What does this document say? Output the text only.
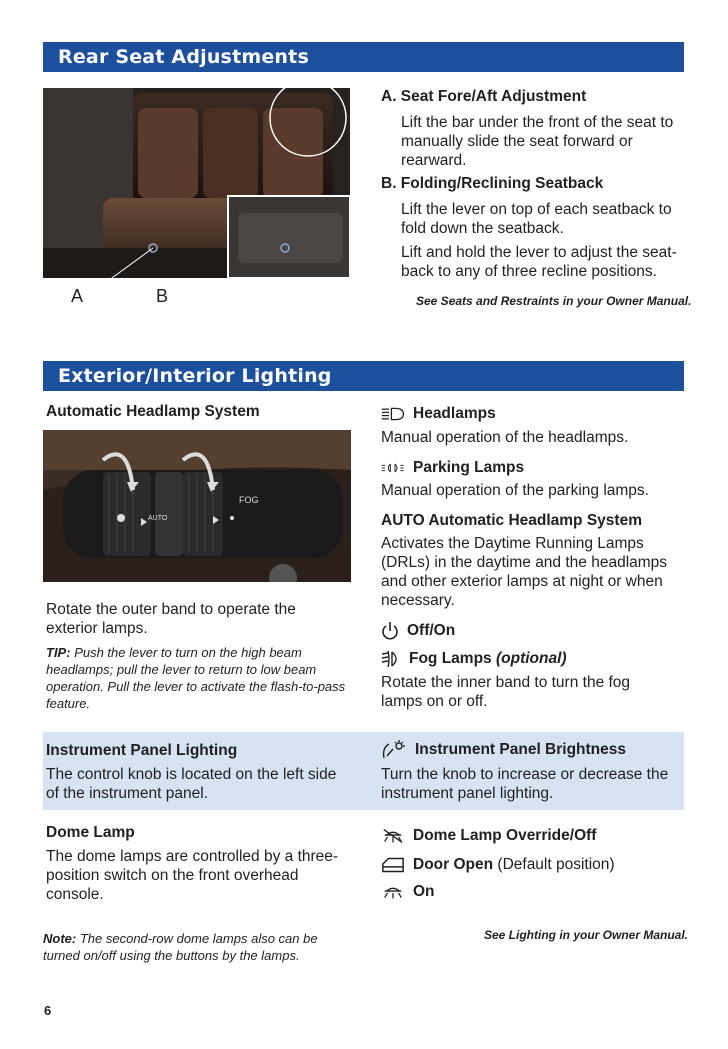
Rear Seat Adjustments
A	B
A. Seat Fore/Aft Adjustment
Lift the bar under the front of the seat to manually slide the seat forward or rearward.
B. Folding/Reclining Seatback
Lift the lever on top of each seatback to fold down the seatback.
Lift and hold the lever to adjust the seat-back to any of three recline positions.
See Seats and Restraints in your Owner Manual.
Exterior/Interior Lighting
Automatic Headlamp System
AUTO
FOG
Rotate the outer band to operate the exterior lamps.
TIP: Push the lever to turn on the high beam headlamps; pull the lever to return to low beam operation. Pull the lever to activate the flash-to-pass feature.
Headlamps
Manual operation of the headlamps.
Parking Lamps
Manual operation of the parking lamps.
AUTO Automatic Headlamp System
Activates the Daytime Running Lamps (DRLs) in the daytime and the headlamps and other exterior lamps at night or when necessary.
Off/On
Fog Lamps (optional)
Rotate the inner band to turn the fog lamps on or off.
Instrument Panel Lighting
The control knob is located on the left side of the instrument panel.
Instrument Panel Brightness
Turn the knob to increase or decrease the instrument panel lighting.
Dome Lamp
The dome lamps are controlled by a three-position switch on the front overhead console.
Dome Lamp Override/Off
Door Open (Default position)
On
Note: The second-row dome lamps also can be turned on/off using the buttons by the lamps.
See Lighting in your Owner Manual.
6
